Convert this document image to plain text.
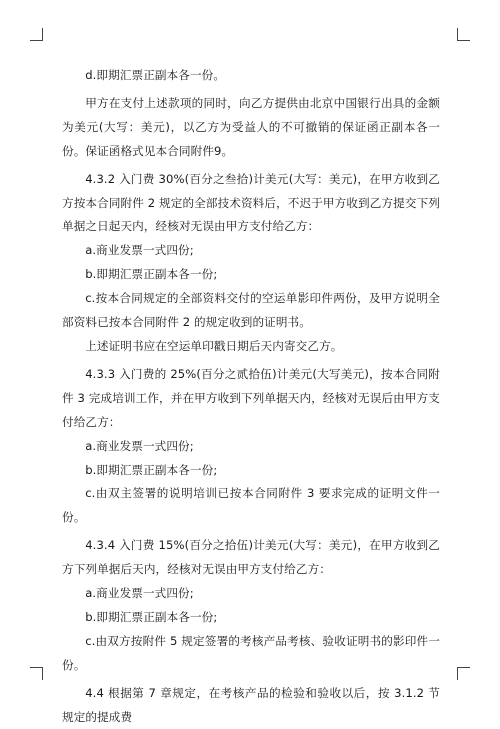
d.即期汇票正副本各一份。

甲方在支付上述款项的同时，向乙方提供由北京中国银行出具的金额为美元(大写：美元)，以乙方为受益人的不可撤销的保证函正副本各一份。保证函格式见本合同附件9。

4.3.2 入门费 30%(百分之叁拾)计美元(大写：美元)，在甲方收到乙方按本合同附件 2 规定的全部技术资料后，不迟于甲方收到乙方提交下列单据之日起天内，经核对无误由甲方支付给乙方：

a.商业发票一式四份;

b.即期汇票正副本各一份;

c.按本合同规定的全部资料交付的空运单影印件两份，及甲方说明全部资料已按本合同附件 2 的规定收到的证明书。

上述证明书应在空运单印戳日期后天内寄交乙方。

4.3.3 入门费的 25%(百分之贰拾伍)计美元(大写美元)，按本合同附件 3 完成培训工作，并在甲方收到下列单据天内，经核对无误后由甲方支付给乙方：

a.商业发票一式四份;

b.即期汇票正副本各一份;

c.由双主签署的说明培训已按本合同附件 3 要求完成的证明文件一份。

4.3.4 入门费 15%(百分之拾伍)计美元(大写：美元)，在甲方收到乙方下列单据后天内，经核对无误由甲方支付给乙方：

a.商业发票一式四份;

b.即期汇票正副本各一份;

c.由双方按附件 5 规定签署的考核产品考核、验收证明书的影印件一份。

4.4 根据第 7 章规定，在考核产品的检验和验收以后，按 3.1.2 节规定的提成费
